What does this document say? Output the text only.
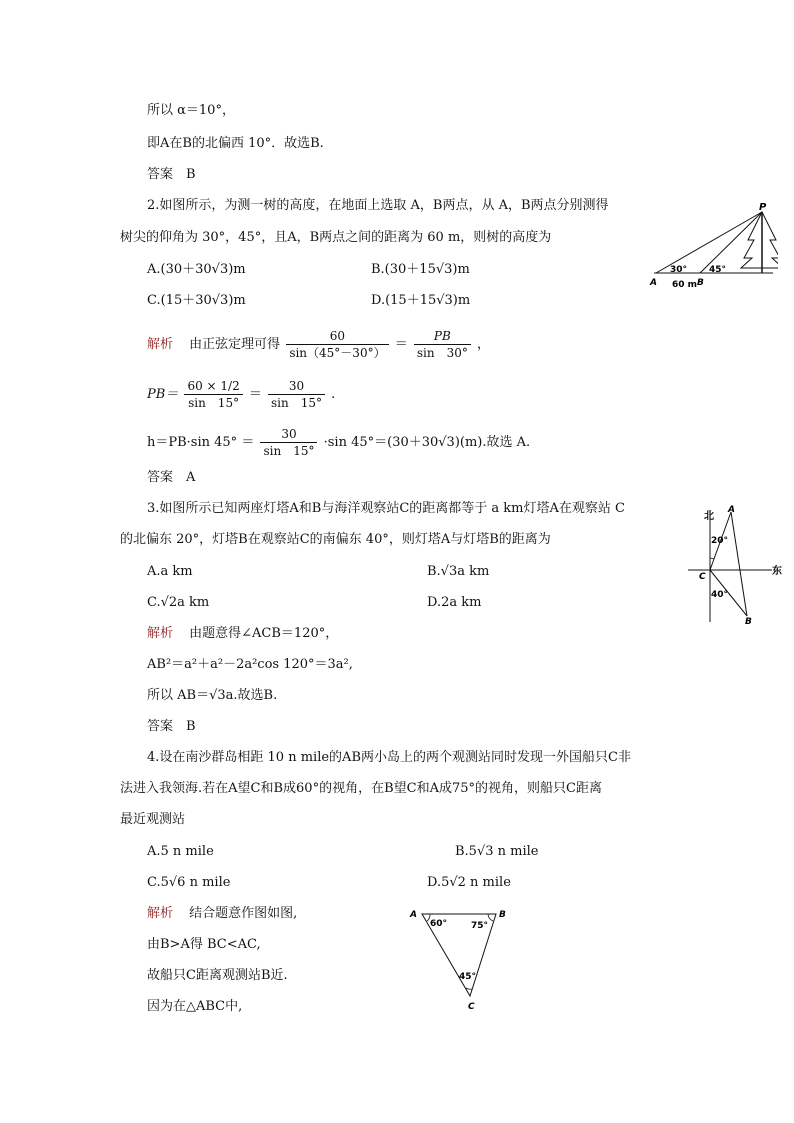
所以 α＝10°，
即A在B的北偏西 10°．故选B.
答案　B
2.如图所示，为测一树的高度，在地面上选取 A，B两点，从 A，B两点分别测得
树尖的仰角为 30°，45°，且A，B两点之间的距离为 60 m，则树的高度为
A.(30＋30√3)m	B.(30＋15√3)m
C.(15＋30√3)m	D.(15＋15√3)m
解析 由正弦定理可得 $\frac{60}{\sin(45^\circ-30^\circ)} = \frac{PB}{\sin 30^\circ}$ ，
$PB= \frac{60 \times 1/2}{\sin 15^\circ} = \frac{30}{\sin 15^\circ}$ .
h＝PB·sin $45^\circ = \frac{30}{\sin 15^\circ} \cdot\sin$ 45°＝(30＋30√3)(m).故选 A.
答案　A
P
A	B
30° 45°
60 m
3.如图所示已知两座灯塔A和B与海洋观察站C的距离都等于 a km灯塔A在观察站 C
的北偏东 20°，灯塔B在观察站C的南偏东 40°，则灯塔A与灯塔B的距离为
A.a km	B.√3a km
C.√2a km	D.2a km
解析 由题意得∠ACB＝120°，
AB²＝a²＋a²－2a²cos 120°＝3a²,
所以 AB＝√3a.故选B.
答案　B
北
东
A
B
C
20°
40°
4.设在南沙群岛相距 10 n mile的AB两小岛上的两个观测站同时发现一外国船只C非
法进入我领海.若在A望C和B成60°的视角，在B望C和A成75°的视角，则船只C距离
最近观测站
A.5 n mile	B.5√3 n mile
C.5√6 n mile	D.5√2 n mile
解析 结合题意作图如图,
由B>A得 BC<AC,
故船只C距离观测站B近.
因为在△ABC中,
A	B
C
60°	75°
45°
